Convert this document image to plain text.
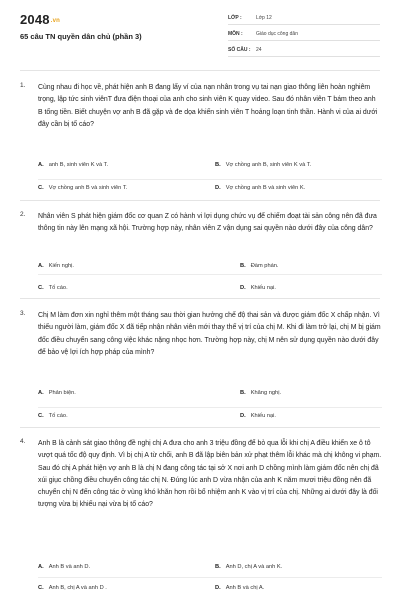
2048.vn
65 câu TN quyền dân chủ (phần 3)
LỚP :	Lớp 12
MÔN :	Giáo dục công dân
SỐ CÂU :	24
1. Cùng nhau đi học về, phát hiện anh B đang lấy ví của nạn nhân trong vụ tai nạn giao thông liên hoàn nghiêm trọng, lập tức sinh viênT đưa điện thoại của anh cho sinh viên K quay video. Sau đó nhân viên T bám theo anh B tống tiền. Biết chuyện vợ anh B đã gặp và đe dọa khiến sinh viên T hoảng loạn tinh thần. Hành vi của ai dưới đây cần bị tố cáo?

A. anh B, sinh viên K và T.	B. Vợ chồng anh B, sinh viên K và T.
C. Vợ chồng anh B và sinh viên T.	D. Vợ chồng anh B và sinh viên K.
2. Nhân viên S phát hiện giám đốc cơ quan Z có hành vi lợi dụng chức vụ để chiếm đoạt tài sản công nên đã đưa thông tin này lên mạng xã hội. Trường hợp này, nhân viên Z vận dụng sai quyền nào dưới đây của công dân?

A. Kiến nghị.	B. Đàm phán.
C. Tố cáo.	D. Khiếu nại.
3. Chị M làm đơn xin nghỉ thêm một tháng sau thời gian hưởng chế độ thai sản và được giám đốc X chấp nhận. Vì thiếu người làm, giám đốc X đã tiếp nhận nhân viên mới thay thế vị trí của chị M. Khi đi làm trở lại, chị M bị giám đốc điều chuyển sang công việc khác nặng nhọc hơn. Trường hợp này, chị M nên sử dụng quyền nào dưới đây để bảo vệ lợi ích hợp pháp của mình?

A. Phản biện.	B. Khăng nghị.
C. Tố cáo.	D. Khiếu nại.
4. Anh B là cảnh sát giao thông đề nghị chị A đưa cho anh 3 triệu đồng để bỏ qua lỗi khi chị A điều khiển xe ô tô vượt quá tốc độ quy định. Vì bị chị A từ chối, anh B đã lập biên bản xử phạt thêm lỗi khác mà chị không vi phạm. Sau đó chị A phát hiện vợ anh B là chị N đang công tác tại sở X nơi anh D chồng mình làm giám đốc nên chị đã xúi giục chồng điều chuyển công tác chị N. Đúng lúc anh D vừa nhận của anh K năm mươi triệu đồng nên đã chuyển chị N đến công tác ở vùng khó khăn hơn rồi bổ nhiệm anh K vào vị trí của chị. Những ai dưới đây là đối tượng vừa bị khiếu nại vừa bị tố cáo?

A. Anh B và anh D.	B. Anh D, chị A và anh K.
C. Anh B, chị A và anh D .	D. Anh B và chị A.
